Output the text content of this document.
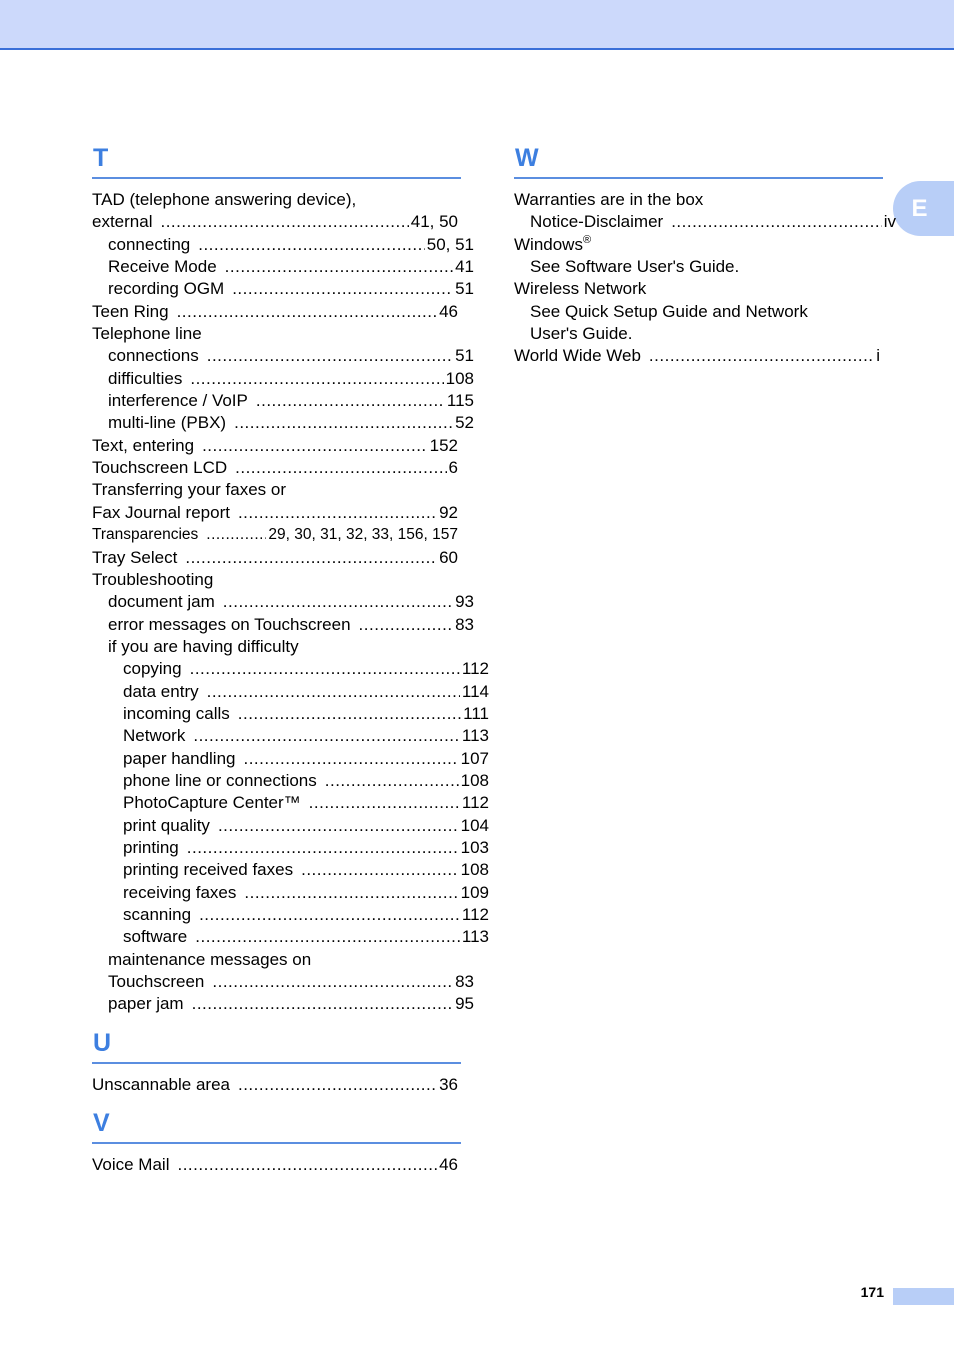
E
T
TAD (telephone answering device),
external .....	41, 50
connecting .....	50, 51
Receive Mode .....	41
recording OGM .....	51
Teen Ring .....	46
Telephone line
connections .....	51
difficulties .....	108
interference / VoIP .....	115
multi-line (PBX) .....	52
Text, entering .....	152
Touchscreen LCD .....	6
Transferring your faxes or
Fax Journal report .....	92
Transparencies .....	29, 30, 31, 32, 33, 156, 157
Tray Select .....	60
Troubleshooting
document jam .....	93
error messages on Touchscreen .....	83
if you are having difficulty
copying .....	112
data entry .....	114
incoming calls .....	111
Network .....	113
paper handling .....	107
phone line or connections .....	108
PhotoCapture Center™ .....	112
print quality .....	104
printing .....	103
printing received faxes .....	108
receiving faxes .....	109
scanning .....	112
software .....	113
maintenance messages on
Touchscreen .....	83
paper jam .....	95
U
Unscannable area .....	36
V
Voice Mail .....	46
W
Warranties are in the box
Notice-Disclaimer .....	iv
Windows®
See Software User's Guide.
Wireless Network
See Quick Setup Guide and Network
User's Guide.
World Wide Web .....	i
171
